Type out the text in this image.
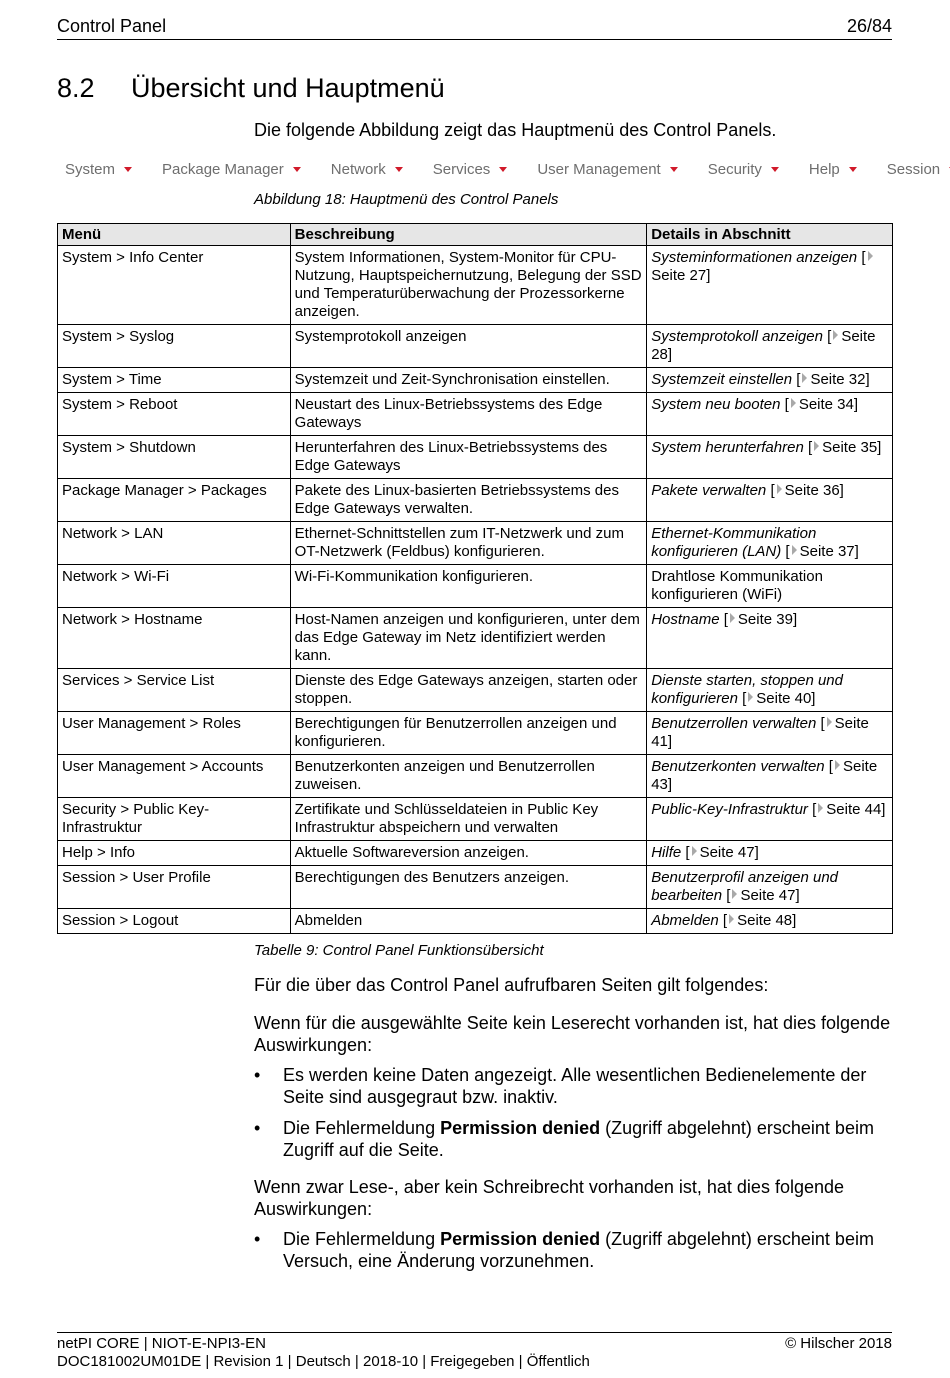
Control Panel	26/84
8.2 Übersicht und Hauptmenü

Die folgende Abbildung zeigt das Hauptmenü des Control Panels.

System	Package Manager	Network	Services	User Management	Security	Help	Session

Abbildung 18: Hauptmenü des Control Panels

Menü	Beschreibung	Details in Abschnitt
System > Info Center	System Informationen, System-Monitor für CPU-Nutzung, Hauptspeichernutzung, Belegung der SSD und Temperaturüberwachung der Prozessorkerne anzeigen.	Systeminformationen anzeigen [Seite 27]
System > Syslog	Systemprotokoll anzeigen	Systemprotokoll anzeigen [ Seite 28]
System > Time	Systemzeit und Zeit-Synchronisation einstellen.	Systemzeit einstellen [ Seite 32]
System > Reboot	Neustart des Linux-Betriebssystems des Edge Gateways	System neu booten [ Seite 34]
System > Shutdown	Herunterfahren des Linux-Betriebssystems des Edge Gateways	System herunterfahren [ Seite 35]
Package Manager > Packages	Pakete des Linux-basierten Betriebssystems des Edge Gateways verwalten.	Pakete verwalten [ Seite 36]
Network > LAN	Ethernet-Schnittstellen zum IT-Netzwerk und zum OT-Netzwerk (Feldbus) konfigurieren.	Ethernet-Kommunikation konfigurieren (LAN) [ Seite 37]
Network > Wi-Fi	Wi-Fi-Kommunikation konfigurieren.	Drahtlose Kommunikation konfigurieren (WiFi)
Network > Hostname	Host-Namen anzeigen und konfigurieren, unter dem das Edge Gateway im Netz identifiziert werden kann.	Hostname [ Seite 39]
Services > Service List	Dienste des Edge Gateways anzeigen, starten oder stoppen.	Dienste starten, stoppen und konfigurieren [ Seite 40]
User Management > Roles	Berechtigungen für Benutzerrollen anzeigen und konfigurieren.	Benutzerrollen verwalten [ Seite 41]
User Management > Accounts	Benutzerkonten anzeigen und Benutzerrollen zuweisen.	Benutzerkonten verwalten [ Seite 43]
Security > Public Key-Infrastruktur	Zertifikate und Schlüsseldateien in Public Key Infrastruktur abspeichern und verwalten	Public-Key-Infrastruktur [ Seite 44]
Help > Info	Aktuelle Softwareversion anzeigen.	Hilfe [ Seite 47]
Session > User Profile	Berechtigungen des Benutzers anzeigen.	Benutzerprofil anzeigen und bearbeiten [ Seite 47]
Session > Logout	Abmelden	Abmelden [ Seite 48]

Tabelle 9: Control Panel Funktionsübersicht

Für die über das Control Panel aufrufbaren Seiten gilt folgendes:

Wenn für die ausgewählte Seite kein Leserecht vorhanden ist, hat dies folgende Auswirkungen:

• Es werden keine Daten angezeigt. Alle wesentlichen Bedienelemente der Seite sind ausgegraut bzw. inaktiv.
• Die Fehlermeldung Permission denied (Zugriff abgelehnt) erscheint beim Zugriff auf die Seite.

Wenn zwar Lese-, aber kein Schreibrecht vorhanden ist, hat dies folgende Auswirkungen:

• Die Fehlermeldung Permission denied (Zugriff abgelehnt) erscheint beim Versuch, eine Änderung vorzunehmen.
netPI CORE | NIOT-E-NPI3-EN	© Hilscher 2018
DOC181002UM01DE | Revision 1 | Deutsch | 2018-10 | Freigegeben | Öffentlich
